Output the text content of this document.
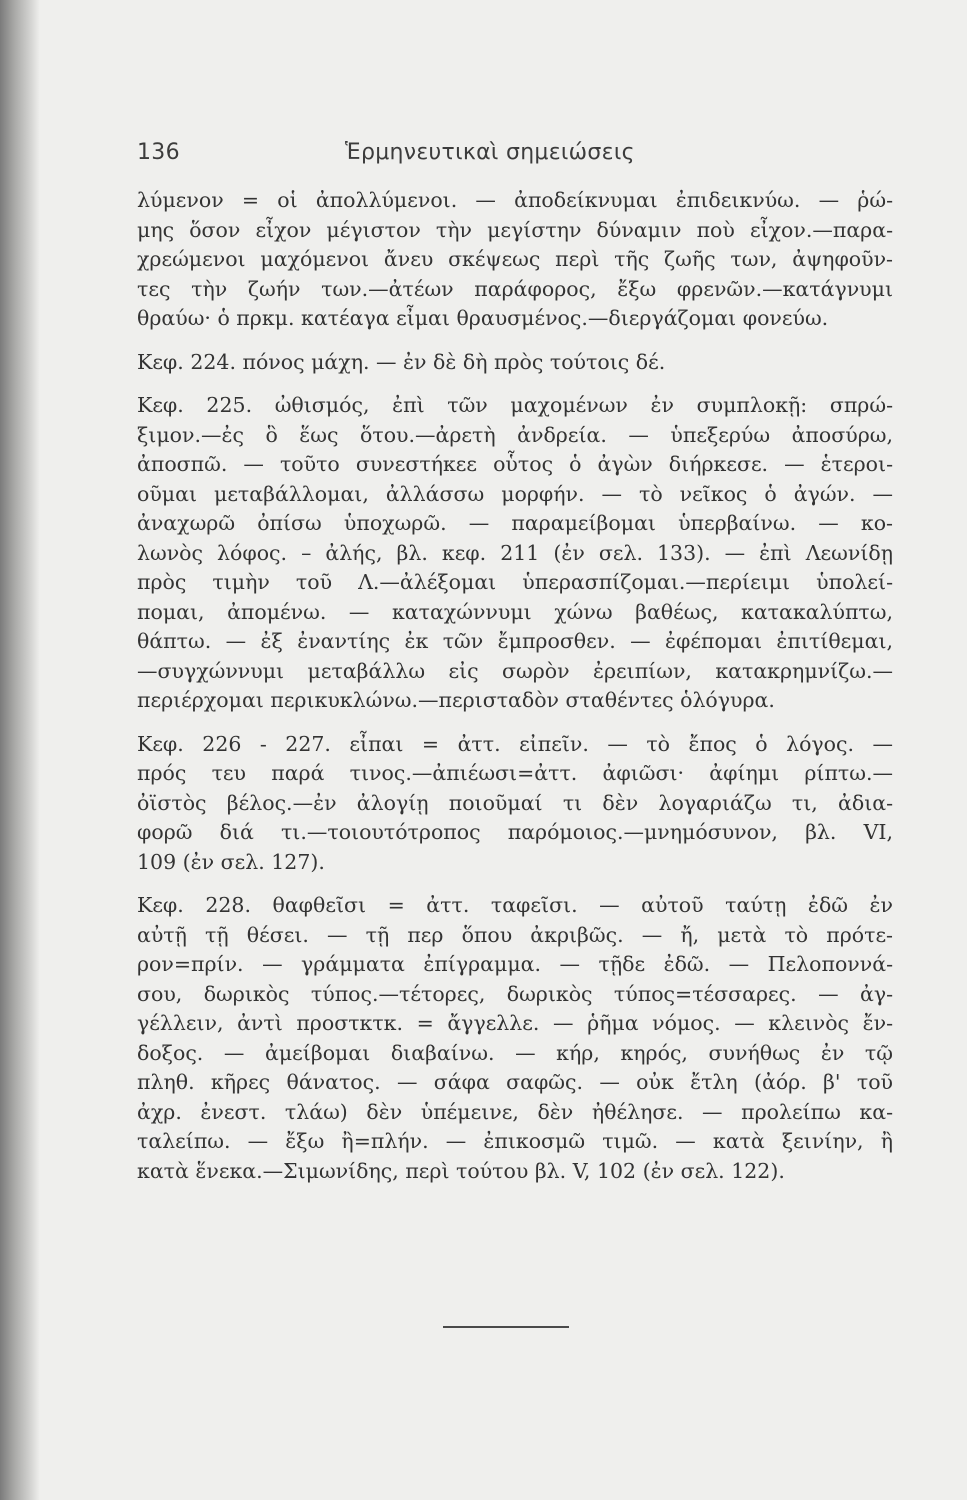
136	Ἑρμηνευτικαὶ σημειώσεις
λύμενον = οἱ ἀπολλύμενοι. — ἀποδείκνυμαι ἐπιδεικνύω. — ῥώ-
μης ὅσον εἶχον μέγιστον τὴν μεγίστην δύναμιν ποὺ εἶχον.—παρα-
χρεώμενοι μαχόμενοι ἄνευ σκέψεως περὶ τῆς ζωῆς των, ἀψηφοῦν-
τες τὴν ζωήν των.—ἀτέων παράφορος, ἔξω φρενῶν.—κατάγνυμι
θραύω· ὁ πρκμ. κατέαγα εἶμαι θραυσμένος.—διεργάζομαι φονεύω.
Κεφ. 224. πόνος μάχη. — ἐν δὲ δὴ πρὸς τούτοις δέ.
Κεφ. 225. ὠθισμός, ἐπὶ τῶν μαχομένων ἐν συμπλοκῇ: σπρώ-
ξιμον.—ἐς ὃ ἕως ὅτου.—ἀρετὴ ἀνδρεία. — ὑπεξερύω ἀποσύρω,
ἀποσπῶ. — τοῦτο συνεστήκεε οὗτος ὁ ἀγὼν διήρκεσε. — ἑτεροι-
οῦμαι μεταβάλλομαι, ἀλλάσσω μορφήν. — τὸ νεῖκος ὁ ἀγών. —
ἀναχωρῶ ὀπίσω ὑποχωρῶ. — παραμείβομαι ὑπερβαίνω. — κο-
λωνὸς λόφος. – ἀλής, βλ. κεφ. 211 (ἐν σελ. 133). — ἐπὶ Λεωνίδῃ
πρὸς τιμὴν τοῦ Λ.—ἀλέξομαι ὑπερασπίζομαι.—περίειμι ὑπολεί-
πομαι, ἀπομένω. — καταχώννυμι χώνω βαθέως, κατακαλύπτω,
θάπτω. — ἐξ ἐναντίης ἐκ τῶν ἔμπροσθεν. — ἐφέπομαι ἐπιτίθεμαι,
—συγχώννυμι μεταβάλλω εἰς σωρὸν ἐρειπίων, κατακρημνίζω.—
περιέρχομαι περικυκλώνω.—περισταδὸν σταθέντες ὁλόγυρα.
Κεφ. 226 - 227. εἶπαι = ἀττ. εἰπεῖν. — τὸ ἔπος ὁ λόγος. —
πρός τευ παρά τινος.—ἀπιέωσι=ἀττ. ἀφιῶσι· ἀφίημι ρίπτω.—
ὀϊστὸς βέλος.—ἐν ἀλογίῃ ποιοῦμαί τι δὲν λογαριάζω τι, ἀδια-
φορῶ διά τι.—τοιουτότροπος παρόμοιος.—μνημόσυνον, βλ. VI,
109 (ἐν σελ. 127).
Κεφ. 228. θαφθεῖσι = ἀττ. ταφεῖσι. — αὐτοῦ ταύτῃ ἐδῶ ἐν
αὐτῇ τῇ θέσει. — τῇ περ ὅπου ἀκριβῶς. — ἤ, μετὰ τὸ πρότε-
ρον=πρίν. — γράμματα ἐπίγραμμα. — τῇδε ἐδῶ. — Πελοποννά-
σου, δωρικὸς τύπος.—τέτορες, δωρικὸς τύπος=τέσσαρες. — ἀγ-
γέλλειν, ἀντὶ προστκτκ. = ἄγγελλε. — ῥῆμα νόμος. — κλεινὸς ἔν-
δοξος. — ἀμείβομαι διαβαίνω. — κήρ, κηρός, συνήθως ἐν τῷ
πληθ. κῆρες θάνατος. — σάφα σαφῶς. — οὐκ ἔτλη (ἀόρ. β' τοῦ
ἀχρ. ἐνεστ. τλάω) δὲν ὑπέμεινε, δὲν ἠθέλησε. — προλείπω κα-
ταλείπω. — ἔξω ἢ=πλήν. — ἐπικοσμῶ τιμῶ. — κατὰ ξεινίην, ἢ
κατὰ ἕνεκα.—Σιμωνίδης, περὶ τούτου βλ. V, 102 (ἐν σελ. 122).
